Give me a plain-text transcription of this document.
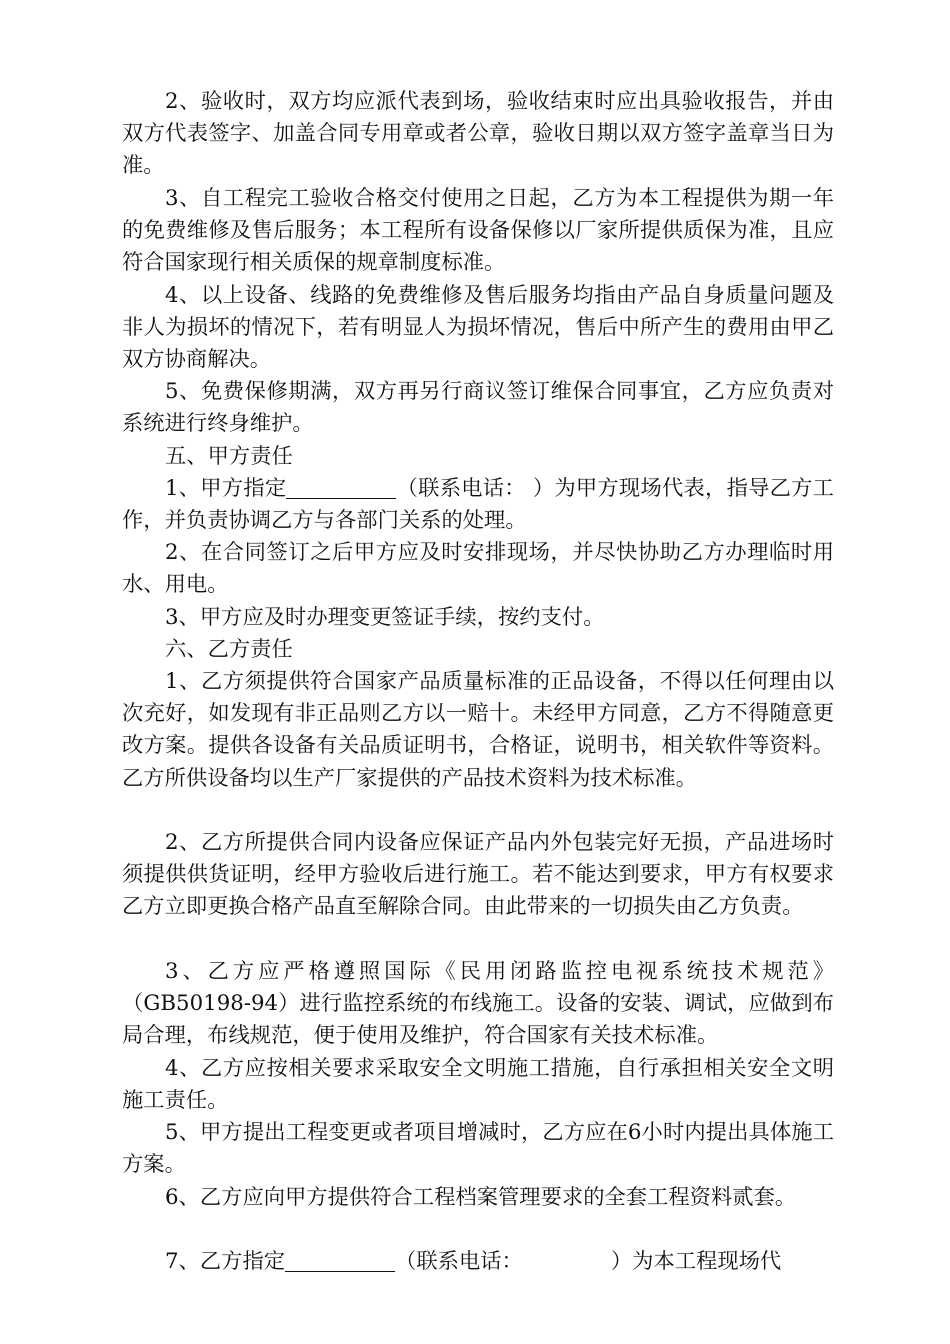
2、验收时，双方均应派代表到场，验收结束时应出具验收报告，并由双方代表签字、加盖合同专用章或者公章，验收日期以双方签字盖章当日为准。

3、自工程完工验收合格交付使用之日起，乙方为本工程提供为期一年的免费维修及售后服务；本工程所有设备保修以厂家所提供质保为准，且应符合国家现行相关质保的规章制度标准。

4、以上设备、线路的免费维修及售后服务均指由产品自身质量问题及非人为损坏的情况下，若有明显人为损坏情况，售后中所产生的费用由甲乙双方协商解决。

5、免费保修期满，双方再另行商议签订维保合同事宜，乙方应负责对系统进行终身维护。

五、甲方责任

1、甲方指定	（联系电话： ）为甲方现场代表，指导乙方工作，并负责协调乙方与各部门关系的处理。

2、在合同签订之后甲方应及时安排现场，并尽快协助乙方办理临时用水、用电。

3、甲方应及时办理变更签证手续，按约支付。

六、乙方责任

1、乙方须提供符合国家产品质量标准的正品设备，不得以任何理由以次充好，如发现有非正品则乙方以一赔十。未经甲方同意，乙方不得随意更改方案。提供各设备有关品质证明书，合格证，说明书，相关软件等资料。乙方所供设备均以生产厂家提供的产品技术资料为技术标准。

2、乙方所提供合同内设备应保证产品内外包装完好无损，产品进场时须提供供货证明，经甲方验收后进行施工。若不能达到要求，甲方有权要求乙方立即更换合格产品直至解除合同。由此带来的一切损失由乙方负责。

3、乙方应严格遵照国际《民用闭路监控电视系统技术规范》（GB50198-94）进行监控系统的布线施工。设备的安装、调试，应做到布局合理，布线规范，便于使用及维护，符合国家有关技术标准。

4、乙方应按相关要求采取安全文明施工措施，自行承担相关安全文明施工责任。

5、甲方提出工程变更或者项目增减时，乙方应在6小时内提出具体施工方案。

6、乙方应向甲方提供符合工程档案管理要求的全套工程资料贰套。

7、乙方指定	（联系电话：	）为本工程现场代
